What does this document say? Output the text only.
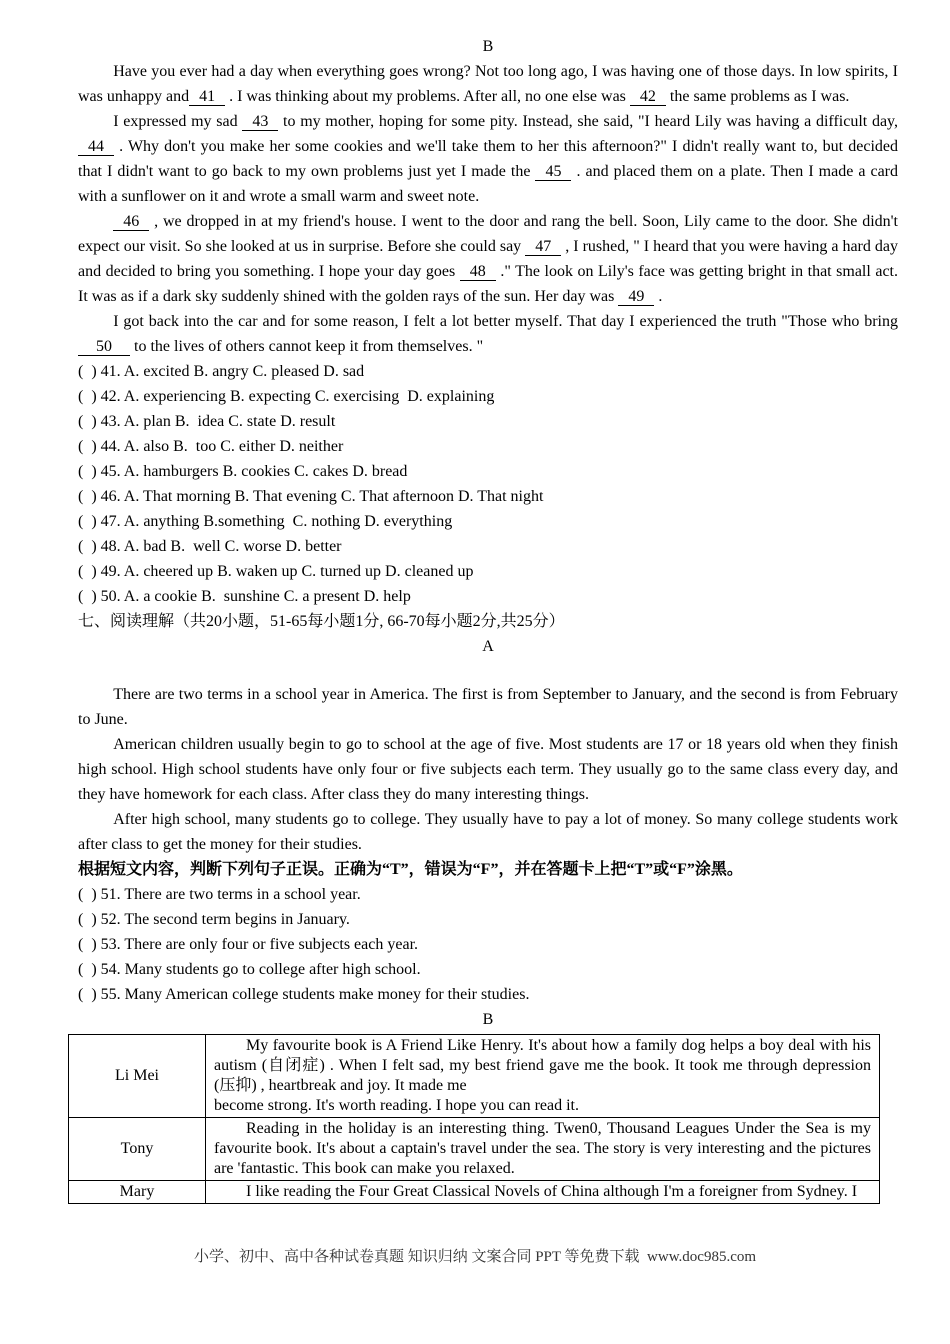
B

Have you ever had a day when everything goes wrong? Not too long ago, I was having one of those days. In low spirits, I was unhappy and 41 . I was thinking about my problems. After all, no one else was 42 the same problems as I was.

I expressed my sad 43 to my mother, hoping for some pity. Instead, she said, "I heard Lily was having a difficult day, 44 . Why don't you make her some cookies and we'll take them to her this afternoon?" I didn't really want to, but decided that I didn't want to go back to my own problems just yet I made the 45 . and placed them on a plate. Then I made a card with a sunflower on it and wrote a small warm and sweet note.

46 , we dropped in at my friend's house. I went to the door and rang the bell. Soon, Lily came to the door. She didn't expect our visit. So she looked at us in surprise. Before she could say 47 , I rushed, " I heard that you were having a hard day and decided to bring you something. I hope your day goes 48 ." The look on Lily's face was getting bright in that small act. It was as if a dark sky suddenly shined with the golden rays of the sun. Her day was 49 .

I got back into the car and for some reason, I felt a lot better myself. That day I experienced the truth "Those who bring 50 to the lives of others cannot keep it from themselves. "

(  ) 41. A. excited B. angry C. pleased D. sad
(  ) 42. A. experiencing B. expecting C. exercising  D. explaining
(  ) 43. A. plan B.  idea C. state D. result
(  ) 44. A. also B.  too C. either D. neither
(  ) 45. A. hamburgers B. cookies C. cakes D. bread
(  ) 46. A. That morning B. That evening C. That afternoon D. That night
(  ) 47. A. anything B.something  C. nothing D. everything
(  ) 48. A. bad B.  well C. worse D. better
(  ) 49. A. cheered up B. waken up C. turned up D. cleaned up
(  ) 50. A. a cookie B.  sunshine C. a present D. help
七、阅读理解（共20小题，51-65每小题1分, 66-70每小题2分,共25分）
A

There are two terms in a school year in America. The first is from September to January, and the second is from February to June.

American children usually begin to go to school at the age of five. Most students are 17 or 18 years old when they finish high school. High school students have only four or five subjects each term. They usually go to the same class every day, and they have homework for each class. After class they do many interesting things.

After high school, many students go to college. They usually have to pay a lot of money. So many college students work after class to get the money for their studies.

根据短文内容，判断下列句子正误。正确为“T”，错误为“F”，并在答题卡上把“T”或“F”涂黑。
(  ) 51. There are two terms in a school year.
(  ) 52. The second term begins in January.
(  ) 53. There are only four or five subjects each year.
(  ) 54. Many students go to college after high school.
(  ) 55. Many American college students make money for their studies.
B
Li Mei	My favourite book is A Friend Like Henry. It's about how a family dog helps a boy deal with his autism (自闭症) . When I felt sad, my best friend gave me the book. It took me through depression (压抑) , heartbreak and joy. It made me

become strong. It's worth reading. I hope you can read it.

Tony	Reading in the holiday is an interesting thing. Twen0, Thousand Leagues Under the Sea is my favourite book. It's about a captain's travel under the sea. The story is very interesting and the pictures are 'fantastic. This book can make you relaxed.

Mary	I like reading the Four Great Classical Novels of China although I'm a foreigner from Sydney. I

小学、初中、高中各种试卷真题 知识归纳 文案合同 PPT 等免费下载  www.doc985.com
